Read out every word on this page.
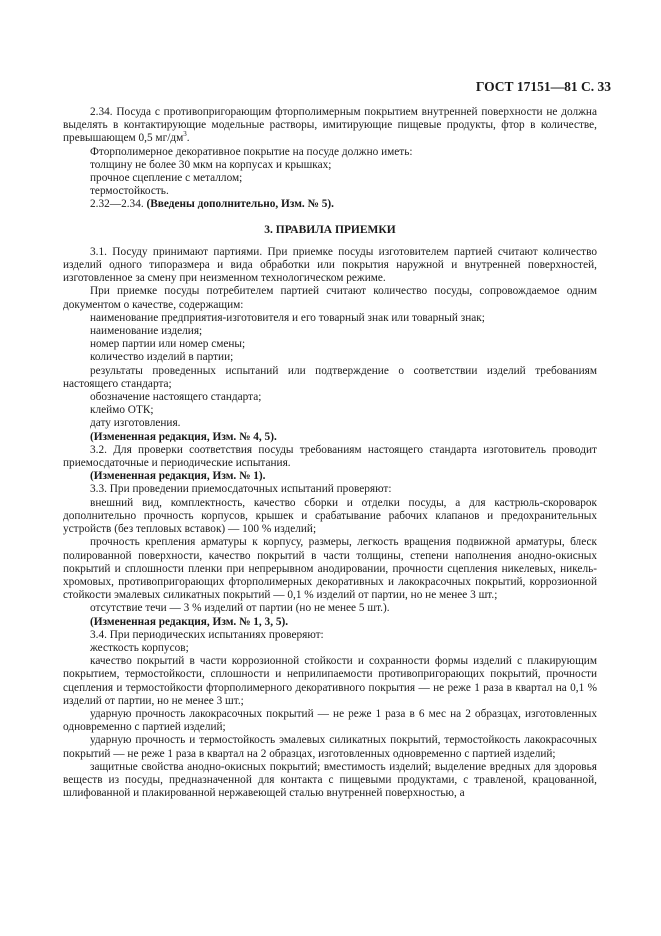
ГОСТ 17151—81 С. 33

2.34. Посуда с противопригорающим фторполимерным покрытием внутренней поверхности не должна выделять в контактирующие модельные растворы, имитирующие пищевые продукты, фтор в количестве, превышающем 0,5 $мг/дм^3$.

Фторполимерное декоративное покрытие на посуде должно иметь:

толщину не более 30 мкм на корпусах и крышках;

прочное сцепление с металлом;

термостойкость.

2.32—2.34. (Введены дополнительно, Изм. № 5).

3. ПРАВИЛА ПРИЕМКИ

3.1. Посуду принимают партиями. При приемке посуды изготовителем партией считают количество изделий одного типоразмера и вида обработки или покрытия наружной и внутренней поверхностей, изготовленное за смену при неизменном технологическом режиме.

При приемке посуды потребителем партией считают количество посуды, сопровождаемое одним документом о качестве, содержащим:

наименование предприятия-изготовителя и его товарный знак или товарный знак;

наименование изделия;

номер партии или номер смены;

количество изделий в партии;

результаты проведенных испытаний или подтверждение о соответствии изделий требованиям настоящего стандарта;

обозначение настоящего стандарта;

клеймо ОТК;

дату изготовления.

(Измененная редакция, Изм. № 4, 5).

3.2. Для проверки соответствия посуды требованиям настоящего стандарта изготовитель проводит приемосдаточные и периодические испытания.

(Измененная редакция, Изм. № 1).

3.3. При проведении приемосдаточных испытаний проверяют:

внешний вид, комплектность, качество сборки и отделки посуды, а для кастрюль-скороварок дополнительно прочность корпусов, крышек и срабатывание рабочих клапанов и предохранительных устройств (без тепловых вставок) — 100 % изделий;

прочность крепления арматуры к корпусу, размеры, легкость вращения подвижной арматуры, блеск полированной поверхности, качество покрытий в части толщины, степени наполнения анодно-окисных покрытий и сплошности пленки при непрерывном анодировании, прочности сцепления никелевых, никель-хромовых, противопригорающих фторполимерных декоративных и лакокрасочных покрытий, коррозионной стойкости эмалевых силикатных покрытий — 0,1 % изделий от партии, но не менее 3 шт.;

отсутствие течи — 3 % изделий от партии (но не менее 5 шт.).

(Измененная редакция, Изм. № 1, 3, 5).

3.4. При периодических испытаниях проверяют:

жесткость корпусов;

качество покрытий в части коррозионной стойкости и сохранности формы изделий с плакирующим покрытием, термостойкости, сплошности и неприлипаемости противопригорающих покрытий, прочности сцепления и термостойкости фторполимерного декоративного покрытия — не реже 1 раза в квартал на 0,1 % изделий от партии, но не менее 3 шт.;

ударную прочность лакокрасочных покрытий — не реже 1 раза в 6 мес на 2 образцах, изготовленных одновременно с партией изделий;

ударную прочность и термостойкость эмалевых силикатных покрытий, термостойкость лакокрасочных покрытий — не реже 1 раза в квартал на 2 образцах, изготовленных одновременно с партией изделий;

защитные свойства анодно-окисных покрытий; вместимость изделий; выделение вредных для здоровья веществ из посуды, предназначенной для контакта с пищевыми продуктами, с травленой, крацованной, шлифованной и плакированной нержавеющей сталью внутренней поверхностью, а
